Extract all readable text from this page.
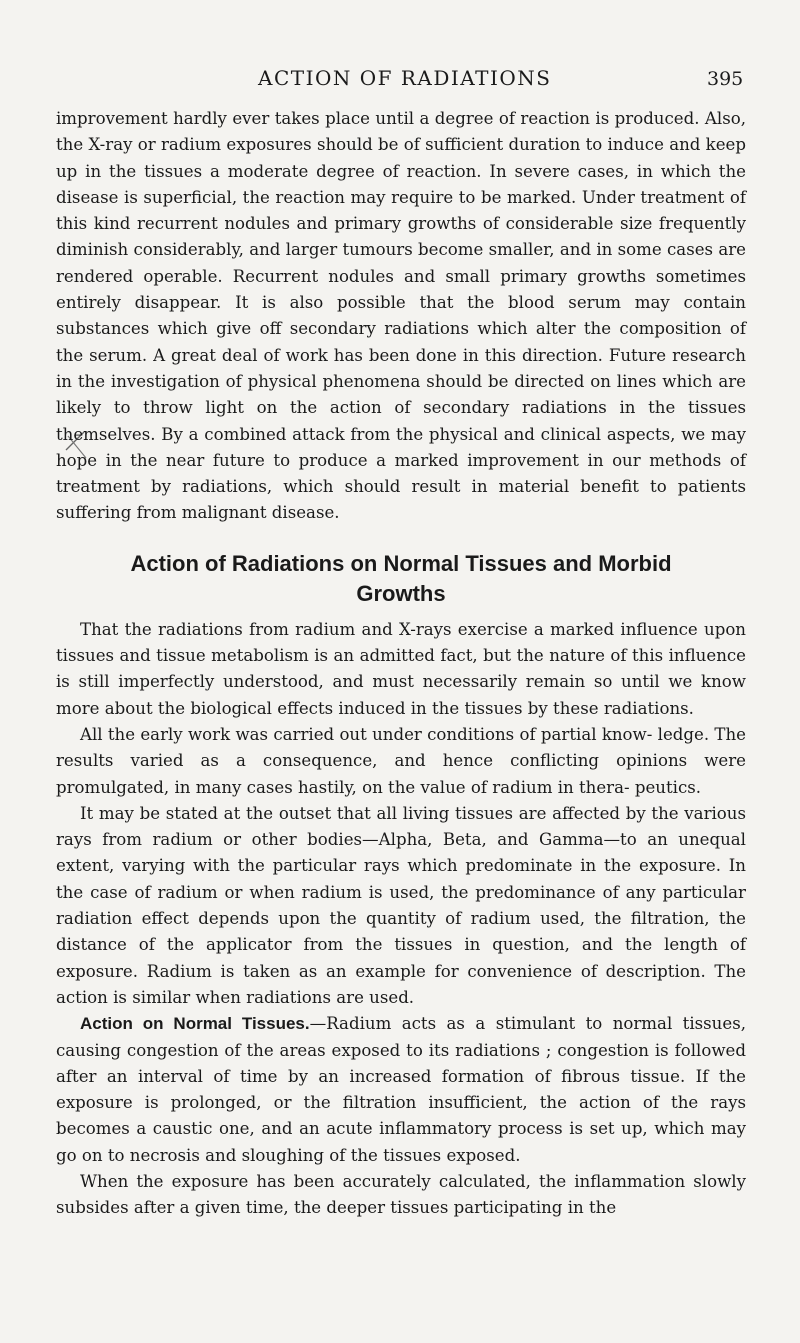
ACTION OF RADIATIONS	395

improvement hardly ever takes place until a degree of reaction is produced. Also, the X-ray or radium exposures should be of sufficient duration to induce and keep up in the tissues a moderate degree of reaction. In severe cases, in which the disease is superficial, the reaction may require to be marked. Under treatment of this kind recurrent nodules and primary growths of considerable size frequently diminish considerably, and larger tumours become smaller, and in some cases are rendered operable. Recurrent nodules and small primary growths sometimes entirely disappear. It is also possible that the blood serum may contain substances which give off secondary radiations which alter the composition of the serum. A great deal of work has been done in this direction. Future research in the investigation of physical phenomena should be directed on lines which are likely to throw light on the action of secondary radiations in the tissues themselves. By a combined attack from the physical and clinical aspects, we may hope in the near future to produce a marked improvement in our methods of treatment by radiations, which should result in material benefit to patients suffering from malignant disease.

Action of Radiations on Normal Tissues and Morbid Growths

That the radiations from radium and X-rays exercise a marked influence upon tissues and tissue metabolism is an admitted fact, but the nature of this influence is still imperfectly understood, and must necessarily remain so until we know more about the biological effects induced in the tissues by these radiations.

All the early work was carried out under conditions of partial know- ledge. The results varied as a consequence, and hence conflicting opinions were promulgated, in many cases hastily, on the value of radium in thera- peutics.

It may be stated at the outset that all living tissues are affected by the various rays from radium or other bodies—Alpha, Beta, and Gamma—to an unequal extent, varying with the particular rays which predominate in the exposure. In the case of radium or when radium is used, the predominance of any particular radiation effect depends upon the quantity of radium used, the filtration, the distance of the applicator from the tissues in question, and the length of exposure. Radium is taken as an example for convenience of description. The action is similar when radiations are used.

Action on Normal Tissues.—Radium acts as a stimulant to normal tissues, causing congestion of the areas exposed to its radiations ; congestion is followed after an interval of time by an increased formation of fibrous tissue. If the exposure is prolonged, or the filtration insufficient, the action of the rays becomes a caustic one, and an acute inflammatory process is set up, which may go on to necrosis and sloughing of the tissues exposed.

When the exposure has been accurately calculated, the inflammation slowly subsides after a given time, the deeper tissues participating in the
